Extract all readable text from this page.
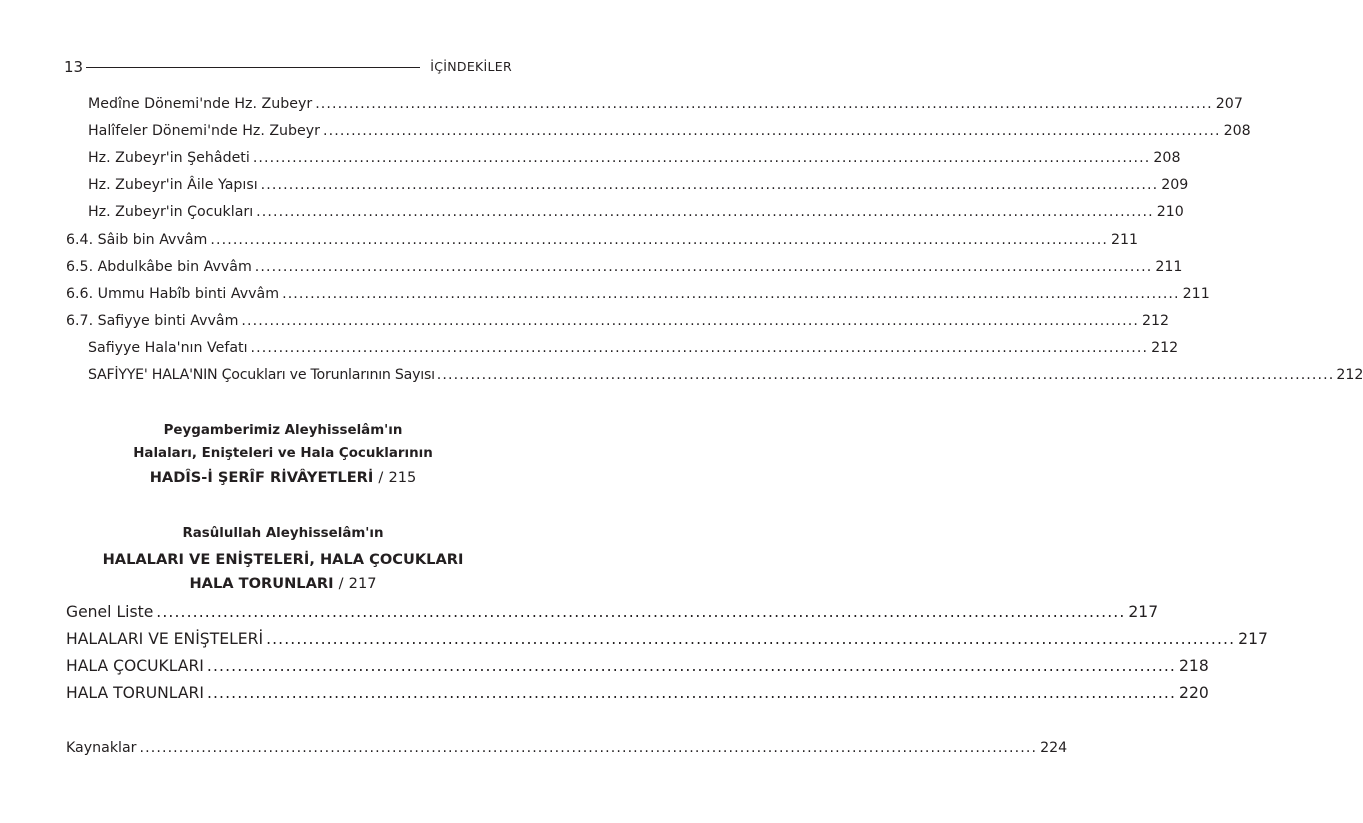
13	İÇİNDEKİLER
Medîne Dönemi'nde Hz. Zubeyr ................................................................................................................................................................ 207
Halîfeler Dönemi'nde Hz. Zubeyr ................................................................................................................................................................ 208
Hz. Zubeyr'in Şehâdeti ................................................................................................................................................................ 208
Hz. Zubeyr'in Âile Yapısı ................................................................................................................................................................ 209
Hz. Zubeyr'in Çocukları ................................................................................................................................................................ 210
6.4. Sâib bin Avvâm ................................................................................................................................................................ 211
6.5. Abdulkâbe bin Avvâm ................................................................................................................................................................ 211
6.6. Ummu Habîb binti Avvâm ................................................................................................................................................................ 211
6.7. Safiyye binti Avvâm ................................................................................................................................................................ 212
Safiyye Hala'nın Vefatı ................................................................................................................................................................ 212
SAFİYYE' HALA'NIN Çocukları ve Torunlarının Sayısı ................................................................................................................................................................ 212
Peygamberimiz Aleyhisselâm'ın
Halaları, Enişteleri ve Hala Çocuklarının
HADÎS-İ ŞERÎF RİVÂYETLERİ / 215
Rasûlullah Aleyhisselâm'ın
HALALARI VE ENİŞTELERİ, HALA ÇOCUKLARI
HALA TORUNLARI / 217
Genel Liste ................................................................................................................................................................ 217
HALALARI VE ENİŞTELERİ ................................................................................................................................................................ 217
HALA ÇOCUKLARI ................................................................................................................................................................ 218
HALA TORUNLARI ................................................................................................................................................................ 220
Kaynaklar ................................................................................................................................................................ 224
